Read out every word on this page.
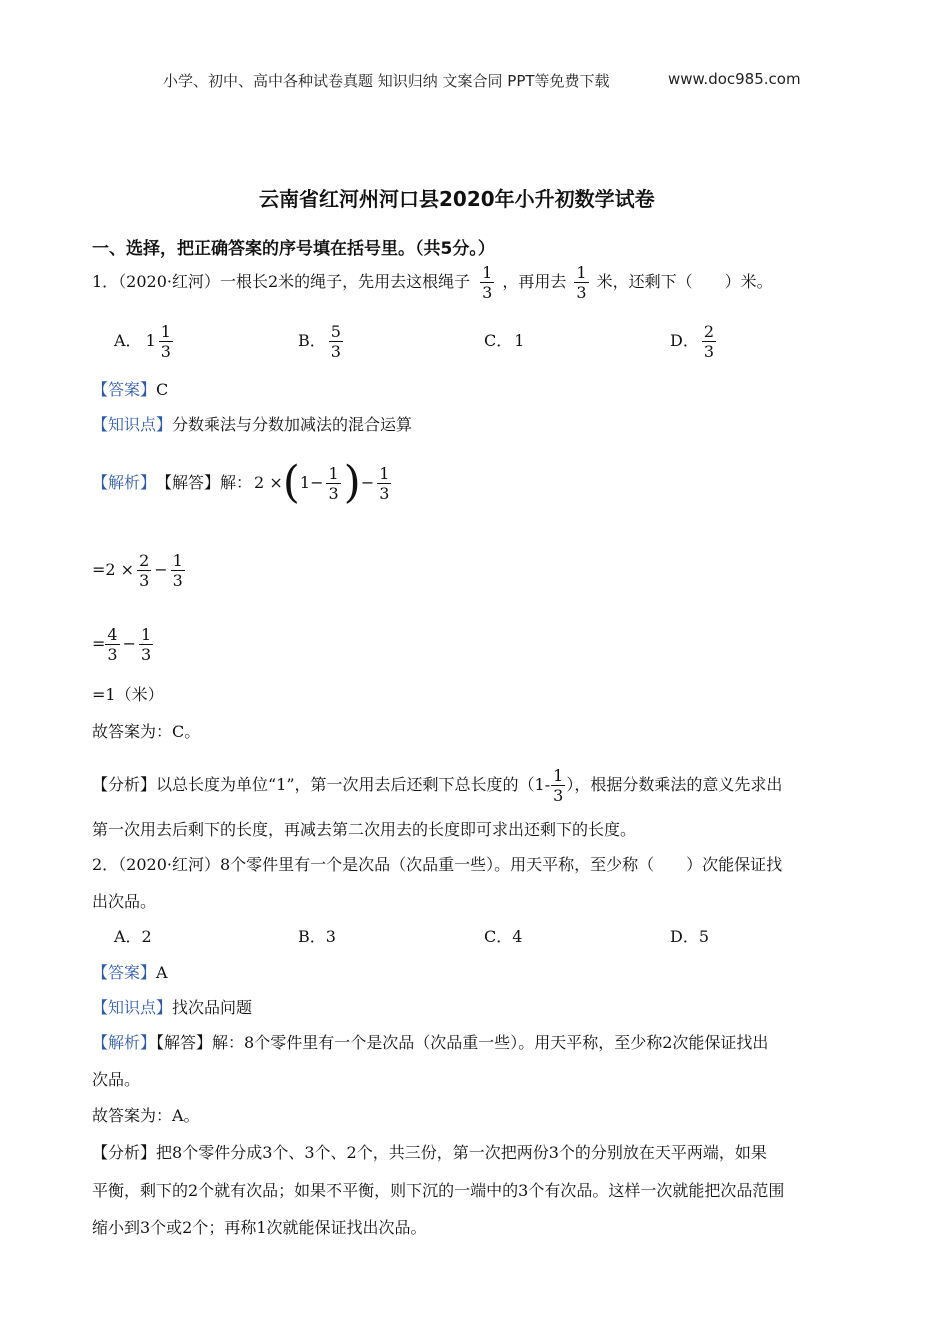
小学、初中、高中各种试卷真题 知识归纳 文案合同 PPT等免费下载	www.doc985.com
云南省红河州河口县2020年小升初数学试卷
一、选择，把正确答案的序号填在括号里。（共5分。）
1．（2020·红河）一根长2米的绳子，先用去这根绳子 $\frac{1}{3}$ ，再用去 $\frac{1}{3}$ 米，还剩下（　　）米。
A． $1 \frac{1}{3}$	B． $\frac{5}{3}$	C． 1	D． $\frac{2}{3}$
【答案】C
【知识点】分数乘法与分数加减法的混合运算
【解析】 【解答】 解： 2 × ( $1- \frac{1}{3}$ ) − $\frac{1}{3}$
$=2 \times \frac{2}{3} - \frac{1}{3}$
= $\frac{4}{3} - \frac{1}{3}$
=1（米）
故答案为：C。
【分析】 以总长度为单位“1”，第一次用去后还剩下总长度的（$1- \frac{1}{3}$ ），根据分数乘法的意义先求出
第一次用去后剩下的长度，再减去第二次用去的长度即可求出还剩下的长度。
2．（2020·红河）8个零件里有一个是次品（次品重一些）。用天平称，至少称（　　）次能保证找
出次品。
A．2	B．3	C．4	D．5
【答案】A
【知识点】找次品问题
【解析】【解答】解：8个零件里有一个是次品（次品重一些）。用天平称，至少称2次能保证找出
次品。
故答案为：A。
【分析】把8个零件分成3个、3个、2个，共三份，第一次把两份3个的分别放在天平两端，如果
平衡，剩下的2个就有次品；如果不平衡，则下沉的一端中的3个有次品。这样一次就能把次品范围
缩小到3个或2个；再称1次就能保证找出次品。
